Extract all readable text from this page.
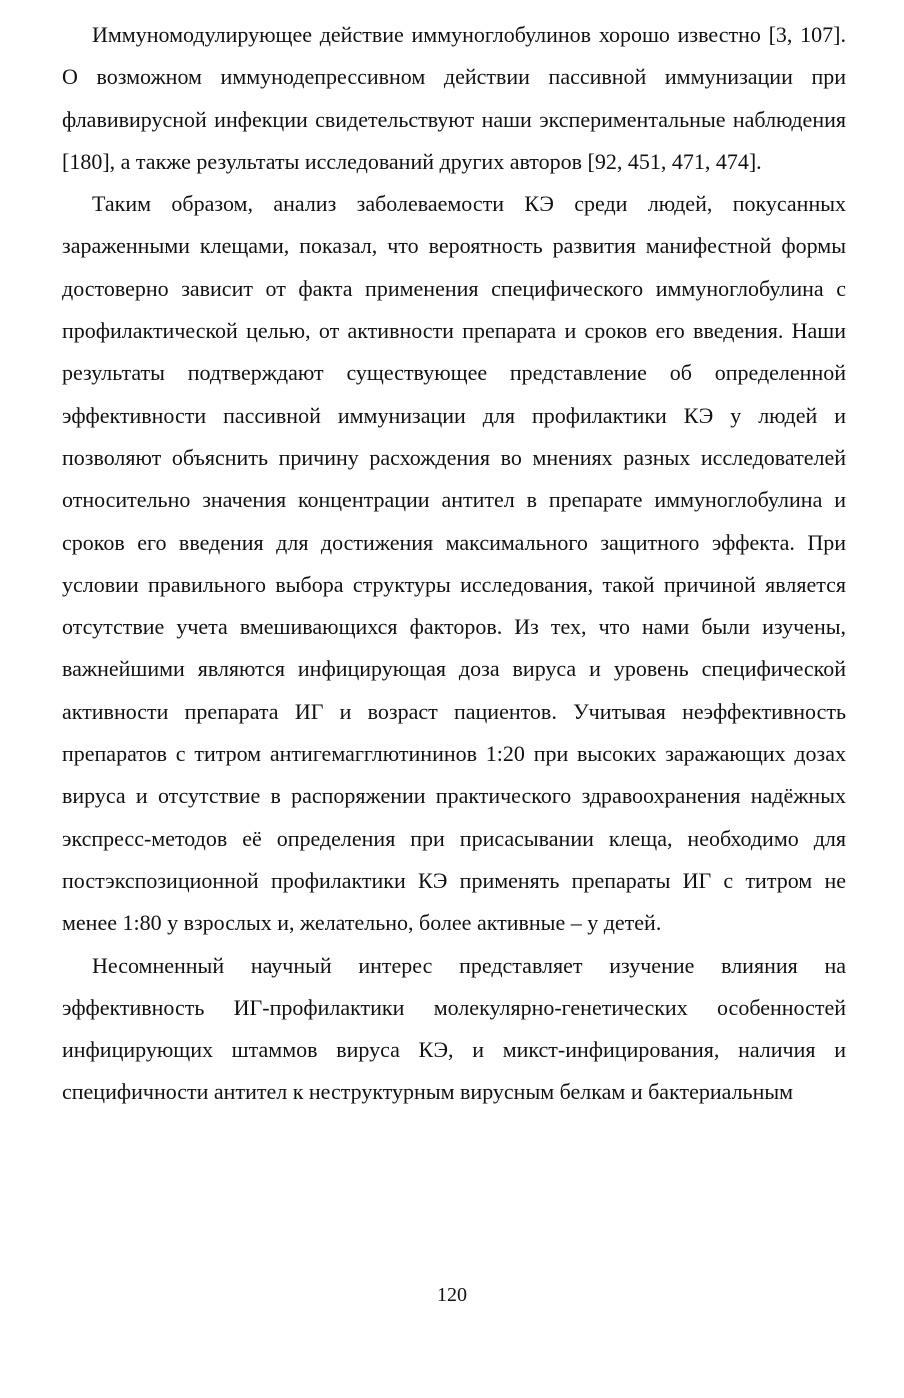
Иммуномодулирующее действие иммуноглобулинов хорошо известно [3, 107]. О возможном иммунодепрессивном действии пассивной иммунизации при флавивирусной инфекции свидетельствуют наши экспериментальные наблюдения [180], а также результаты исследований других авторов [92, 451, 471, 474].

Таким образом, анализ заболеваемости КЭ среди людей, покусанных зараженными клещами, показал, что вероятность развития манифестной формы достоверно зависит от факта применения специфического иммуноглобулина с профилактической целью, от активности препарата и сроков его введения. Наши результаты подтверждают существующее представление об определенной эффективности пассивной иммунизации для профилактики КЭ у людей и позволяют объяснить причину расхождения во мнениях разных исследователей относительно значения концентрации антител в препарате иммуноглобулина и сроков его введения для достижения максимального защитного эффекта. При условии правильного выбора структуры исследования, такой причиной является отсутствие учета вмешивающихся факторов. Из тех, что нами были изучены, важнейшими являются инфицирующая доза вируса и уровень специфической активности препарата ИГ и возраст пациентов. Учитывая неэффективность препаратов с титром антигемагглютининов 1:20 при высоких заражающих дозах вируса и отсутствие в распоряжении практического здравоохранения надёжных экспресс-методов её определения при присасывании клеща, необходимо для постэкспозиционной профилактики КЭ применять препараты ИГ с титром не менее 1:80 у взрослых и, желательно, более активные – у детей.

Несомненный научный интерес представляет изучение влияния на эффективность ИГ-профилактики молекулярно-генетических особенностей инфицирующих штаммов вируса КЭ, и микст-инфицирования, наличия и специфичности антител к неструктурным вирусным белкам и бактериальным

120
